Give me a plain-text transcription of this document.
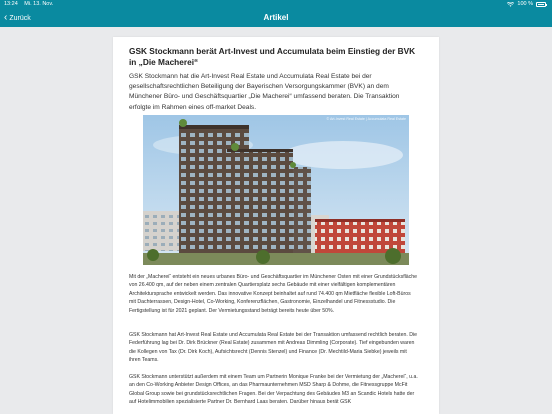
13:24 Mi. 13. Nov.	100 %
‹ Zurück	Artikel
GSK Stockmann berät Art-Invest und Accumulata beim Einstieg der BVK in „Die Macherei“
GSK Stockmann hat die Art-Invest Real Estate und Accumulata Real Estate bei der gesellschaftsrechtlichen Beteiligung der Bayerischen Versorgungskammer (BVK) an dem Münchener Büro- und Geschäftsquartier „Die Macherei“ umfassend beraten. Die Transaktion erfolgte im Rahmen eines off-market Deals.
© Art-Invest Real Estate | Accumulata Real Estate
Mit der „Macherei“ entsteht ein neues urbanes Büro- und Geschäftsquartier im Münchener Osten mit einer Grundstücksfläche von 26.400 qm, auf der neben einem zentralen Quartiersplatz sechs Gebäude mit einer vielfältigen komplementären Architektursprache entwickelt werden. Das innovative Konzept beinhaltet auf rund 74.400 qm Mietfläche flexible Loft-Büros mit Dachterrassen, Design-Hotel, Co-Working, Konferenzflächen, Gastronomie, Einzelhandel und Fitnessstudio. Die Fertigstellung ist für 2021 geplant. Der Vermietungsstand beträgt bereits heute über 50%.
GSK Stockmann hat Art-Invest Real Estate und Accumulata Real Estate bei der Transaktion umfassend rechtlich beraten. Die Federführung lag bei Dr. Dirk Brückner (Real Estate) zusammen mit Andreas Dimmling (Corporate). Tief eingebunden waren die Kollegen von Tax (Dr. Dirk Koch), Aufsichtsrecht (Dennis Stenzel) und Finance (Dr. Mechtild-Maria Siebke) jeweils mit ihren Teams.
GSK Stockmann unterstützt außerdem mit einem Team um Partnerin Monique Franke bei der Vermietung der „Macherei“, u.a. an den Co-Working Anbieter Design Offices, an das Pharmaunternehmen MSD Sharp & Dohme, die Fitnessgruppe McFit Global Group sowie bei grundstücksrechtlichen Fragen. Bei der Verpachtung des Gebäudes M3 an Scandic Hotels hatte der auf Hotelimmobilien spezialisierte Partner Dr. Bernhard Laas beraten. Darüber hinaus berät GSK
